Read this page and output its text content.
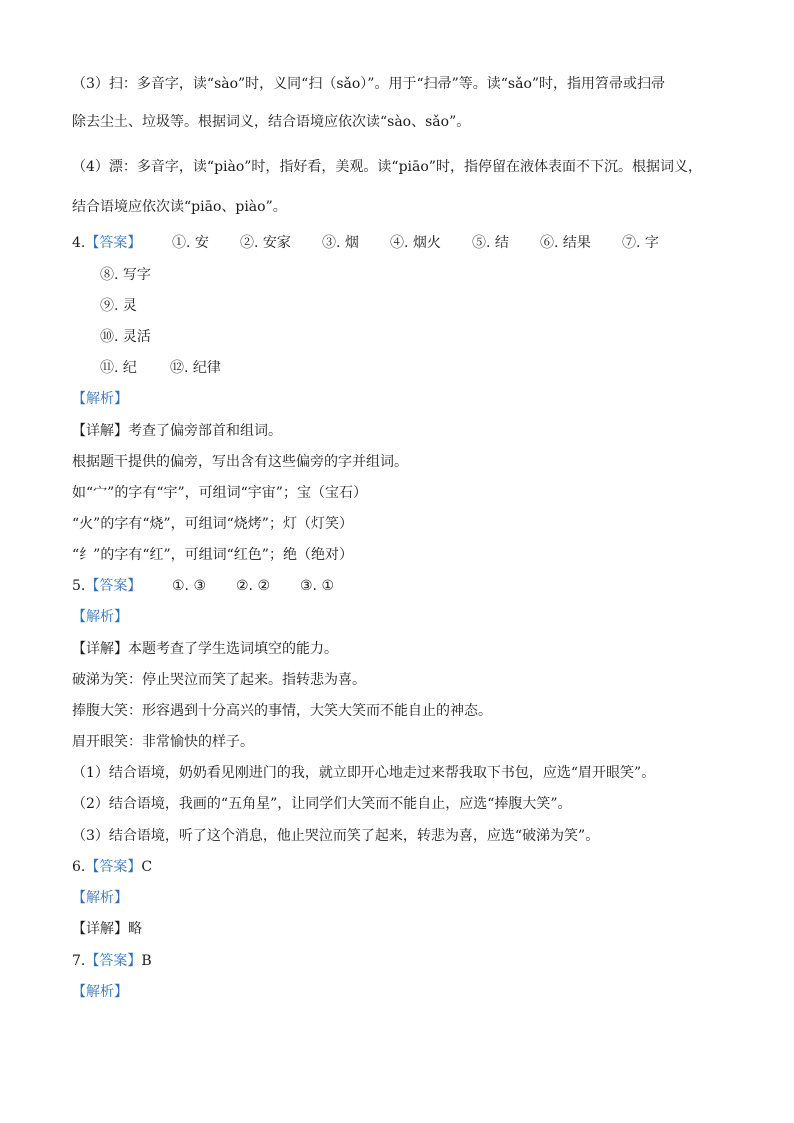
（3）扫：多音字，读“sào”时，义同“扫（sǎo）”。用于“扫帚”等。读“sǎo”时，指用笤帚或扫帚
除去尘土、垃圾等。根据词义，结合语境应依次读“sào、sǎo”。
（4）漂：多音字，读“piào”时，指好看，美观。读“piāo”时，指停留在液体表面不下沉。根据词义，
结合语境应依次读“piāo、piào”。
4.【答案】 ①. 安 ②. 安家 ③. 烟 ④. 烟火 ⑤. 结 ⑥. 结果 ⑦. 字
⑧. 写字
⑨. 灵
⑩. 灵活
⑪. 纪 ⑫. 纪律
【解析】
【详解】考查了偏旁部首和组词。
根据题干提供的偏旁，写出含有这些偏旁的字并组词。
如“宀”的字有“宇”，可组词“宇宙”；宝（宝石）
“火”的字有“烧”，可组词“烧烤”；灯（灯笑）
“纟”的字有“红”，可组词“红色”；绝（绝对）
5.【答案】 ①. ③ ②. ② ③. ①
【解析】
【详解】本题考查了学生选词填空的能力。
破涕为笑：停止哭泣而笑了起来。指转悲为喜。
捧腹大笑：形容遇到十分高兴的事情，大笑大笑而不能自止的神态。
眉开眼笑：非常愉快的样子。
（1）结合语境，奶奶看见刚进门的我，就立即开心地走过来帮我取下书包，应选“眉开眼笑”。
（2）结合语境，我画的“五角星”，让同学们大笑而不能自止，应选“捧腹大笑”。
（3）结合语境，听了这个消息，他止哭泣而笑了起来，转悲为喜，应选“破涕为笑”。
6.【答案】C
【解析】
【详解】略
7.【答案】B
【解析】
